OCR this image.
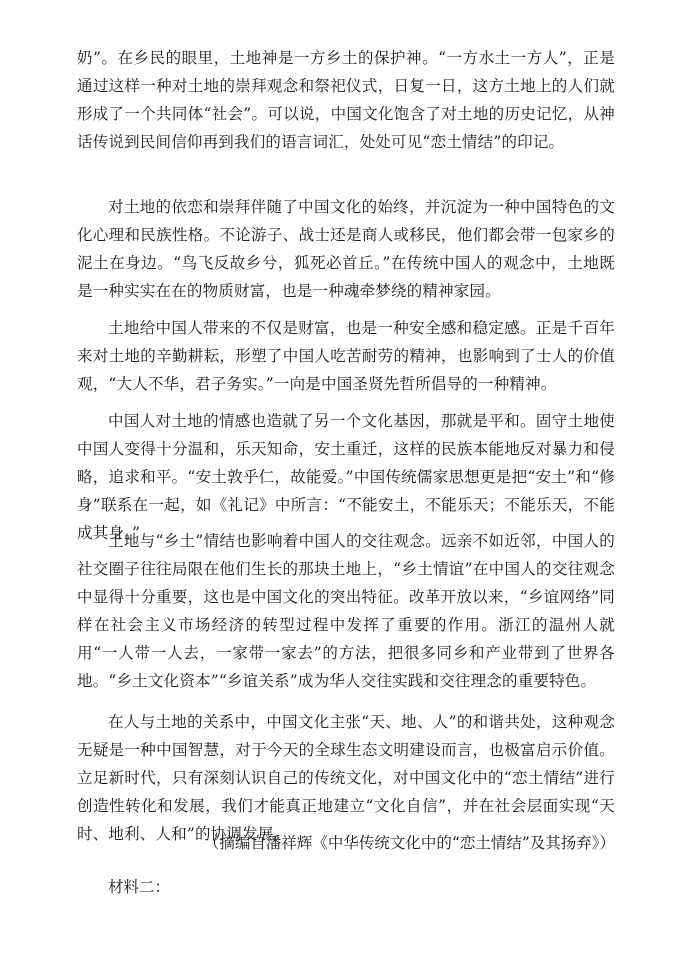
奶”。在乡民的眼里，土地神是一方乡土的保护神。“一方水土一方人”，正是通过这样一种对土地的崇拜观念和祭祀仪式，日复一日，这方土地上的人们就形成了一个共同体“社会”。可以说，中国文化饱含了对土地的历史记忆，从神话传说到民间信仰再到我们的语言词汇，处处可见“恋土情结”的印记。

对土地的依恋和崇拜伴随了中国文化的始终，并沉淀为一种中国特色的文化心理和民族性格。不论游子、战士还是商人或移民，他们都会带一包家乡的泥土在身边。“鸟飞反故乡兮，狐死必首丘。”在传统中国人的观念中，土地既是一种实实在在的物质财富，也是一种魂牵梦绕的精神家园。

土地给中国人带来的不仅是财富，也是一种安全感和稳定感。正是千百年来对土地的辛勤耕耘，形塑了中国人吃苦耐劳的精神，也影响到了士人的价值观，“大人不华，君子务实。”一向是中国圣贤先哲所倡导的一种精神。

中国人对土地的情感也造就了另一个文化基因，那就是平和。固守土地使中国人变得十分温和，乐天知命，安土重迁，这样的民族本能地反对暴力和侵略，追求和平。“安土敦乎仁，故能爱。”中国传统儒家思想更是把“安土”和“修身”联系在一起，如《礼记》中所言：“不能安土，不能乐天；不能乐天，不能成其身。”

土地与“乡土”情结也影响着中国人的交往观念。远亲不如近邻，中国人的社交圈子往往局限在他们生长的那块土地上，“乡土情谊”在中国人的交往观念中显得十分重要，这也是中国文化的突出特征。改革开放以来，“乡谊网络”同样在社会主义市场经济的转型过程中发挥了重要的作用。浙江的温州人就用“一人带一人去，一家带一家去”的方法，把很多同乡和产业带到了世界各地。“乡土文化资本”“乡谊关系”成为华人交往实践和交往理念的重要特色。

在人与土地的关系中，中国文化主张“天、地、人”的和谐共处，这种观念无疑是一种中国智慧，对于今天的全球生态文明建设而言，也极富启示价值。立足新时代，只有深刻认识自己的传统文化，对中国文化中的“恋土情结”进行创造性转化和发展，我们才能真正地建立“文化自信”，并在社会层面实现“天时、地利、人和”的协调发展。

（摘编自潘祥辉《中华传统文化中的“恋土情结”及其扬弃》）

材料二：
